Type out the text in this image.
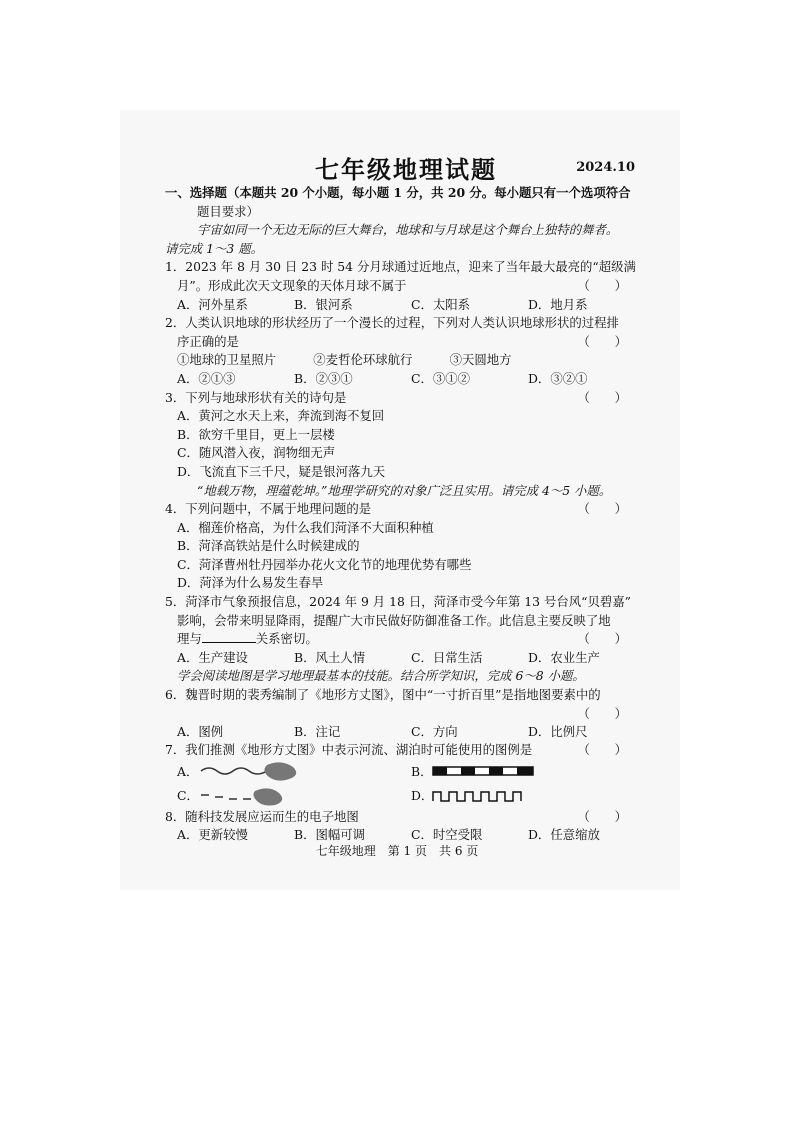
七年级地理试题	2024.10
一、选择题（本题共 20 个小题，每小题 1 分，共 20 分。每小题只有一个选项符合
题目要求）
宇宙如同一个无边无际的巨大舞台，地球和与月球是这个舞台上独特的舞者。
请完成 1～3 题。
1．2023 年 8 月 30 日 23 时 54 分月球通过近地点，迎来了当年最大最亮的“超级满
月”。形成此次天文现象的天体月球不属于	（　　）
A．河外星系	B．银河系	C．太阳系	D．地月系
2．人类认识地球的形状经历了一个漫长的过程，下列对人类认识地球形状的过程排
序正确的是	（　　）
①地球的卫星照片　　　②麦哲伦环球航行　　　③天圆地方
A．②①③	B．②③①	C．③①②	D．③②①
3．下列与地球形状有关的诗句是	（　　）
A．黄河之水天上来，奔流到海不复回
B．欲穷千里目，更上一层楼
C．随风潜入夜，润物细无声
D．飞流直下三千尺，疑是银河落九天
“地载万物，理蕴乾坤。”地理学研究的对象广泛且实用。请完成 4～5 小题。
4．下列问题中，不属于地理问题的是	（　　）
A．榴莲价格高，为什么我们菏泽不大面积种植
B．菏泽高铁站是什么时候建成的
C．菏泽曹州牡丹园举办花火文化节的地理优势有哪些
D．菏泽为什么易发生春旱
5．菏泽市气象预报信息，2024 年 9 月 18 日，菏泽市受今年第 13 号台风“贝碧嘉”
影响，会带来明显降雨，提醒广大市民做好防御准备工作。此信息主要反映了地
理与	关系密切。	（　　）
A．生产建设	B．风土人情	C．日常生活	D．农业生产
学会阅读地图是学习地理最基本的技能。结合所学知识，完成 6～8 小题。
6．魏晋时期的裴秀编制了《地形方丈图》，图中“一寸折百里”是指地图要素中的
（　　）
A．图例	B．注记	C．方向	D．比例尺
7．我们推测《地形方丈图》中表示河流、湖泊时可能使用的图例是	（　　）
A．	B．
C．	D．
8．随科技发展应运而生的电子地图	（　　）
A．更新较慢	B．图幅可调	C．时空受限	D．任意缩放
七年级地理　第 1 页　共 6 页
